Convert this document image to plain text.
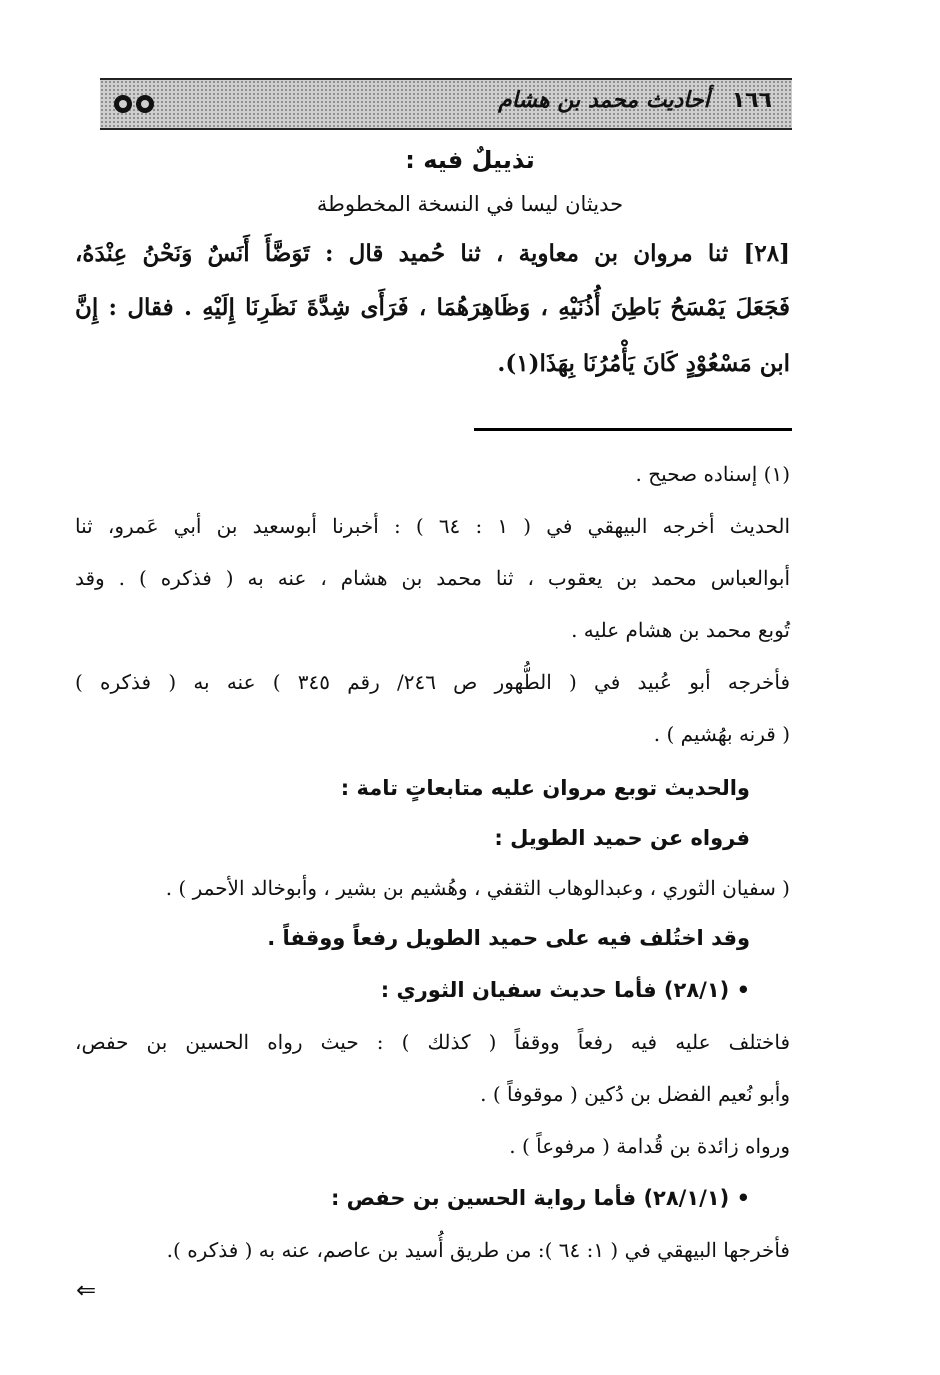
١٦٦أحاديث محمد بن هشام
تذييلٌ فيه :
حديثان ليسا في النسخة المخطوطة
[٢٨] ثنا مروان بن معاوية ، ثنا حُميد قال : تَوَضَّأَ أَنَسٌ وَنَحْنُ عِنْدَهُ،
فَجَعَلَ يَمْسَحُ بَاطِنَ أُذُنَيْهِ ، وَظَاهِرَهُمَا ، فَرَأَى شِدَّةَ نَظَرِنَا إِلَيْهِ . فقال : إِنَّ
ابن مَسْعُوْدٍ كَانَ يَأْمُرُنَا بِهَذَا(١).
(١) إسناده صحيح .
الحديث أخرجه البيهقي في ( ١ : ٦٤ ) : أخبرنا أبوسعيد بن أبي عَمرو، ثنا
أبوالعباس محمد بن يعقوب ، ثنا محمد بن هشام ، عنه به ( فذكره ) . وقد
تُوبع محمد بن هشام عليه .
فأخرجه أبو عُبيد في ( الطُّهور ص ٢٤٦/ رقم ٣٤٥ ) عنه به ( فذكره )
( قرنه بهُشيم ) .
والحديث توبع مروان عليه متابعاتٍ تامة :
فرواه عن حميد الطويل :
( سفيان الثوري ، وعبدالوهاب الثقفي ، وهُشيم بن بشير ، وأبوخالد الأحمر ) .
وقد اختُلف فيه على حميد الطويل رفعاً ووقفاً .
• (٢٨/١) فأما حديث سفيان الثوري :
فاختلف عليه فيه رفعاً ووقفاً ( كذلك ) : حيث رواه الحسين بن حفص،
وأبو نُعيم الفضل بن دُكين ( موقوفاً ) .
ورواه زائدة بن قُدامة ( مرفوعاً ) .
• (٢٨/١/١) فأما رواية الحسين بن حفص :
فأخرجها البيهقي في ( ١: ٦٤ ): من طريق أُسيد بن عاصم، عنه به ( فذكره ).
⇐
